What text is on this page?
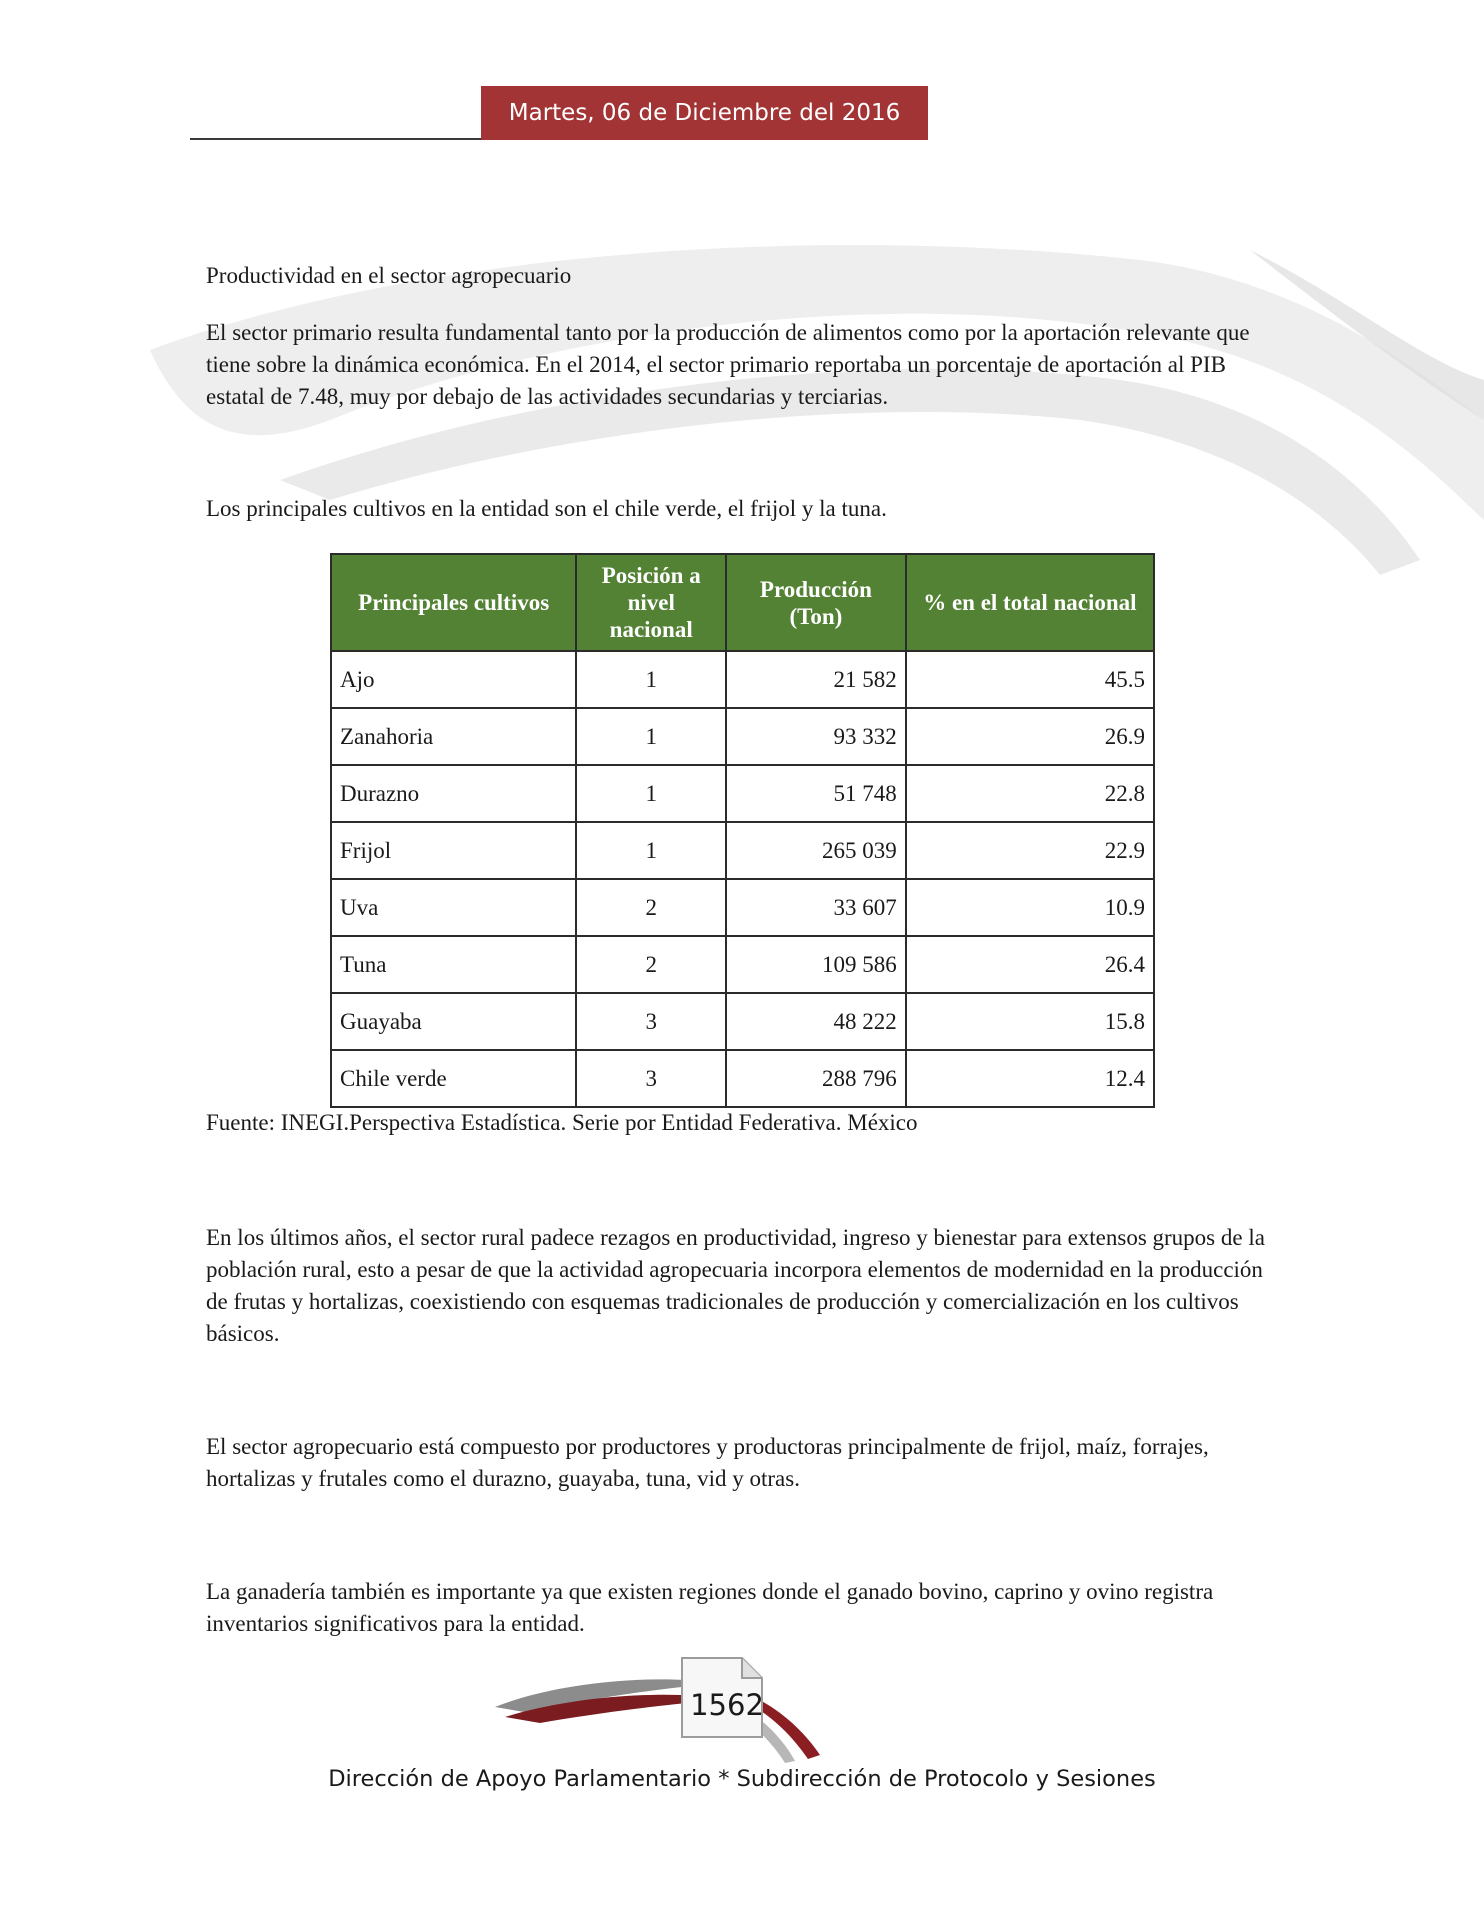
Martes, 06 de Diciembre del 2016

Productividad en el sector agropecuario

El sector primario resulta fundamental tanto por la producción de alimentos como por la aportación relevante que tiene sobre la dinámica económica. En el 2014, el sector primario reportaba un porcentaje de aportación al PIB estatal de 7.48, muy por debajo de las actividades secundarias y terciarias.

Los principales cultivos en la entidad son el chile verde, el frijol y la tuna.

En los últimos años, el sector rural padece rezagos en productividad, ingreso y bienestar para extensos grupos de la población rural, esto a pesar de que la actividad agropecuaria incorpora elementos de modernidad en la producción de frutas y hortalizas, coexistiendo con esquemas tradicionales de producción y comercialización en los cultivos básicos.

El sector agropecuario está compuesto por productores y productoras principalmente de frijol, maíz, forrajes, hortalizas y frutales como el durazno, guayaba, tuna, vid y otras.

La ganadería también es importante ya que existen regiones donde el ganado bovino, caprino y ovino registra inventarios significativos para la entidad.

Principales cultivos	Posición a nivel nacional	Producción (Ton)	% en el total nacional
Ajo	1	21 582	45.5
Zanahoria	1	93 332	26.9
Durazno	1	51 748	22.8
Frijol	1	265 039	22.9
Uva	2	33 607	10.9
Tuna	2	109 586	26.4
Guayaba	3	48 222	15.8
Chile verde	3	288 796	12.4
Fuente: INEGI.Perspectiva Estadística. Serie por Entidad Federativa. México
1562
Dirección de Apoyo Parlamentario * Subdirección de Protocolo y Sesiones
